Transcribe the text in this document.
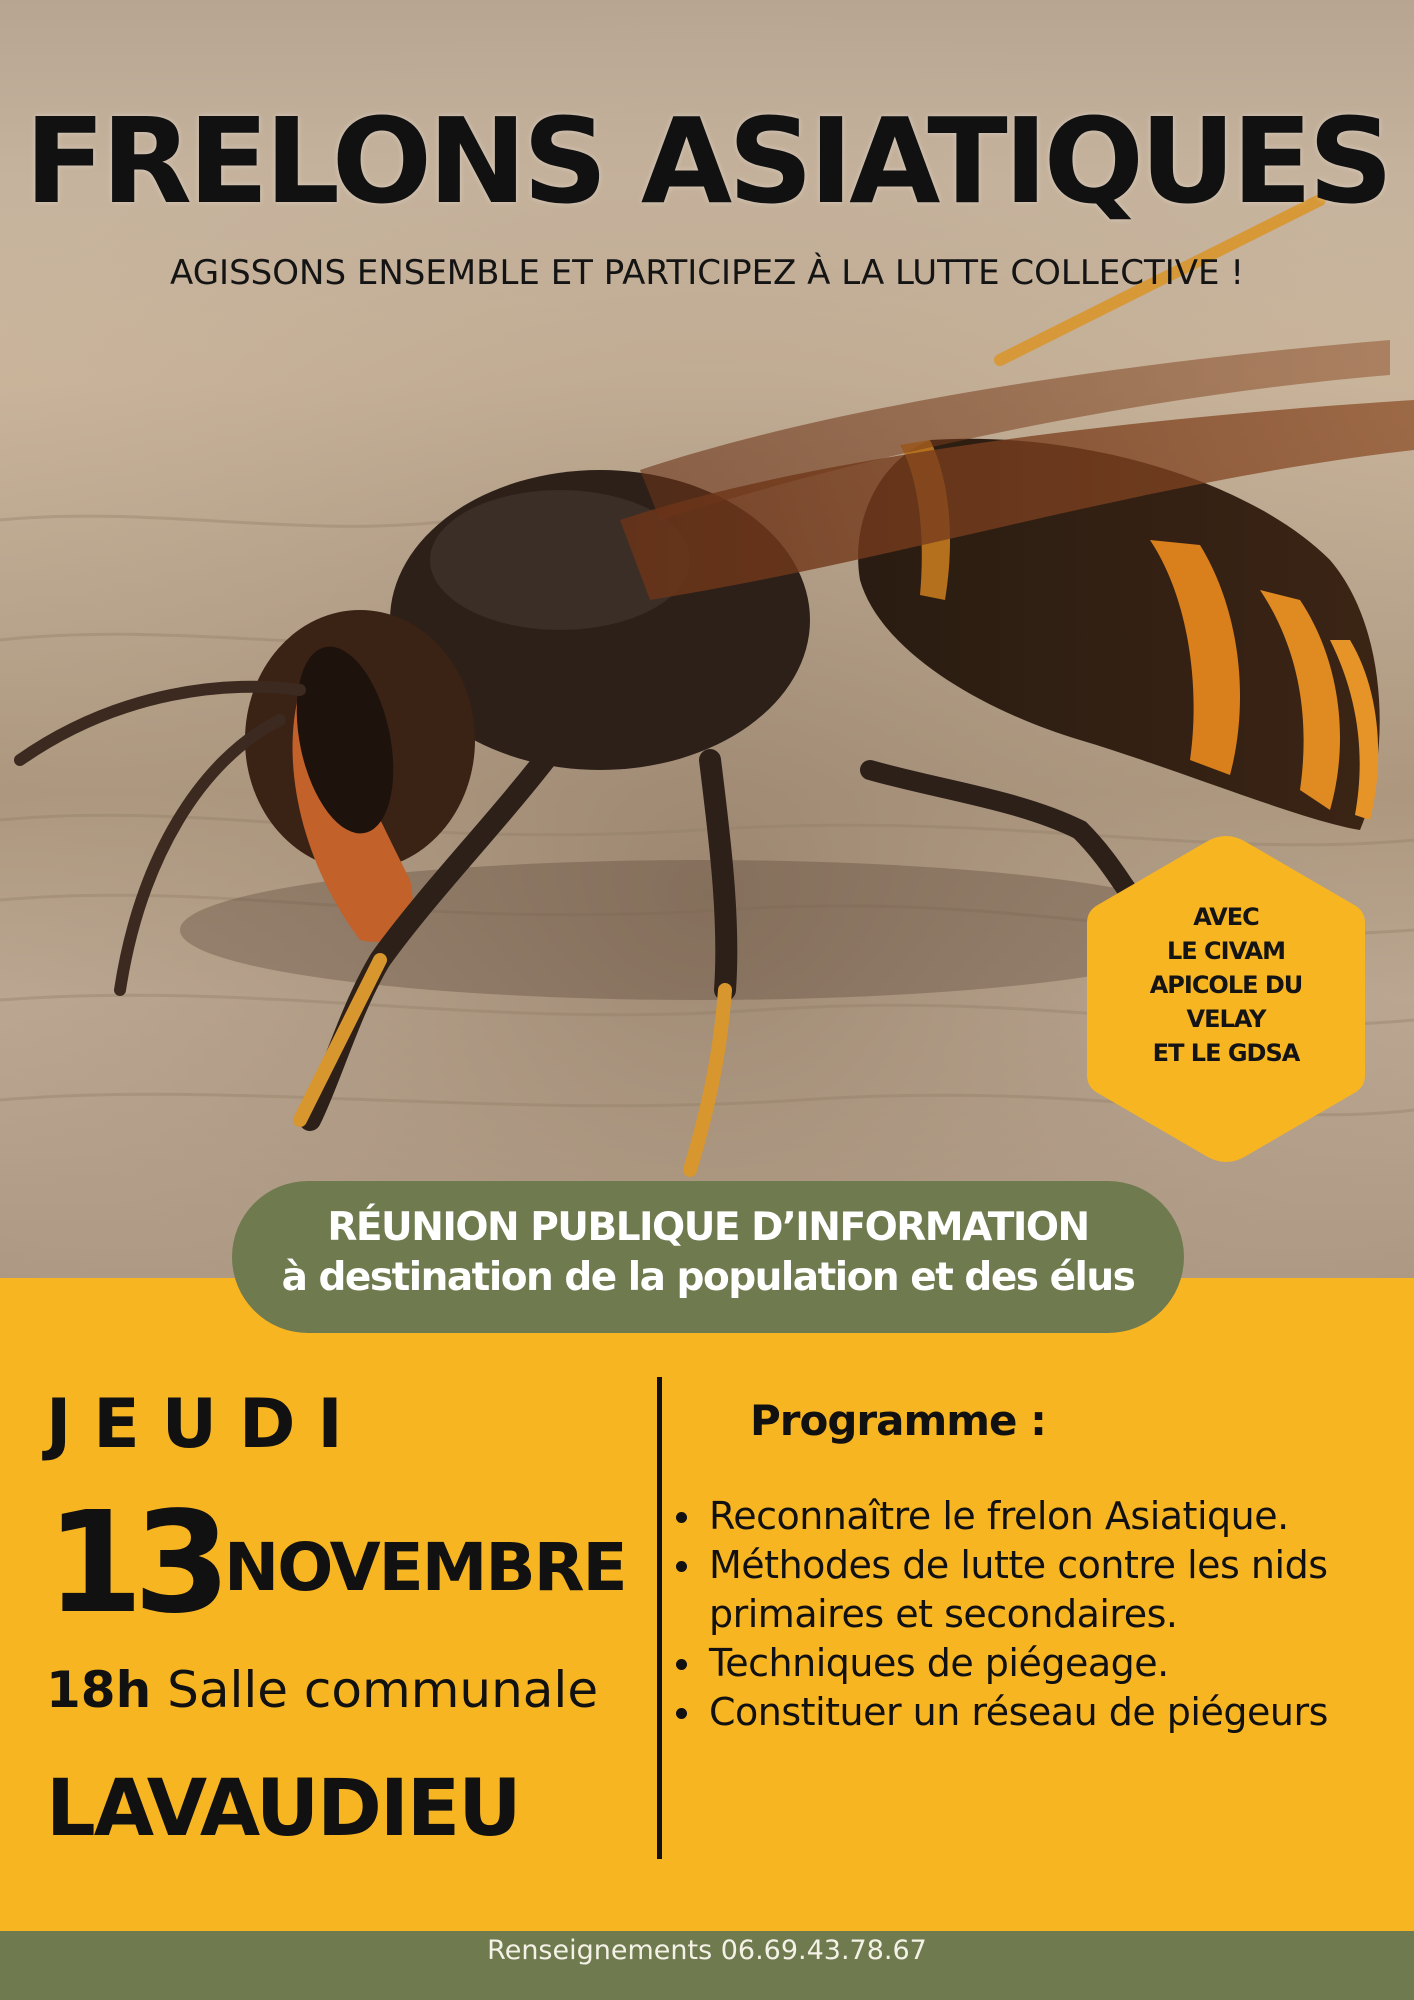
FRELONS ASIATIQUES
AGISSONS ENSEMBLE ET PARTICIPEZ À LA LUTTE COLLECTIVE !
AVEC
LE CIVAM
APICOLE DU
VELAY
ET LE GDSA
RÉUNION PUBLIQUE D’INFORMATION
à destination de la population et des élus
JEUDI
13 NOVEMBRE
18h Salle communale
LAVAUDIEU
Programme :
Reconnaître le frelon Asiatique.
Méthodes de lutte contre les nids primaires et secondaires.
Techniques de piégeage.
Constituer un réseau de piégeurs
Renseignements 06.69.43.78.67
